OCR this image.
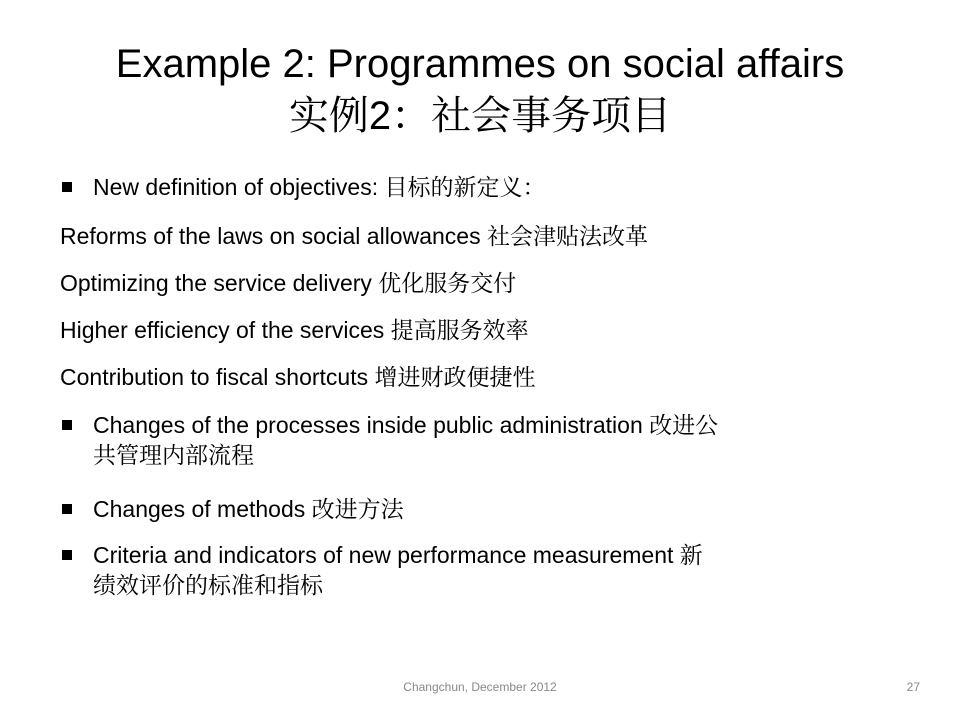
Example 2: Programmes on social affairs
实例2：社会事务项目
New definition of objectives: 目标的新定义：
Reforms of the laws on social allowances 社会津贴法改革
Optimizing the service delivery 优化服务交付
Higher efficiency of the services 提高服务效率
Contribution to fiscal shortcuts 增进财政便捷性
Changes of the processes inside public administration 改进公
共管理内部流程
Changes of methods 改进方法
Criteria and indicators of new performance measurement 新
绩效评价的标准和指标
Changchun, December 2012	27
